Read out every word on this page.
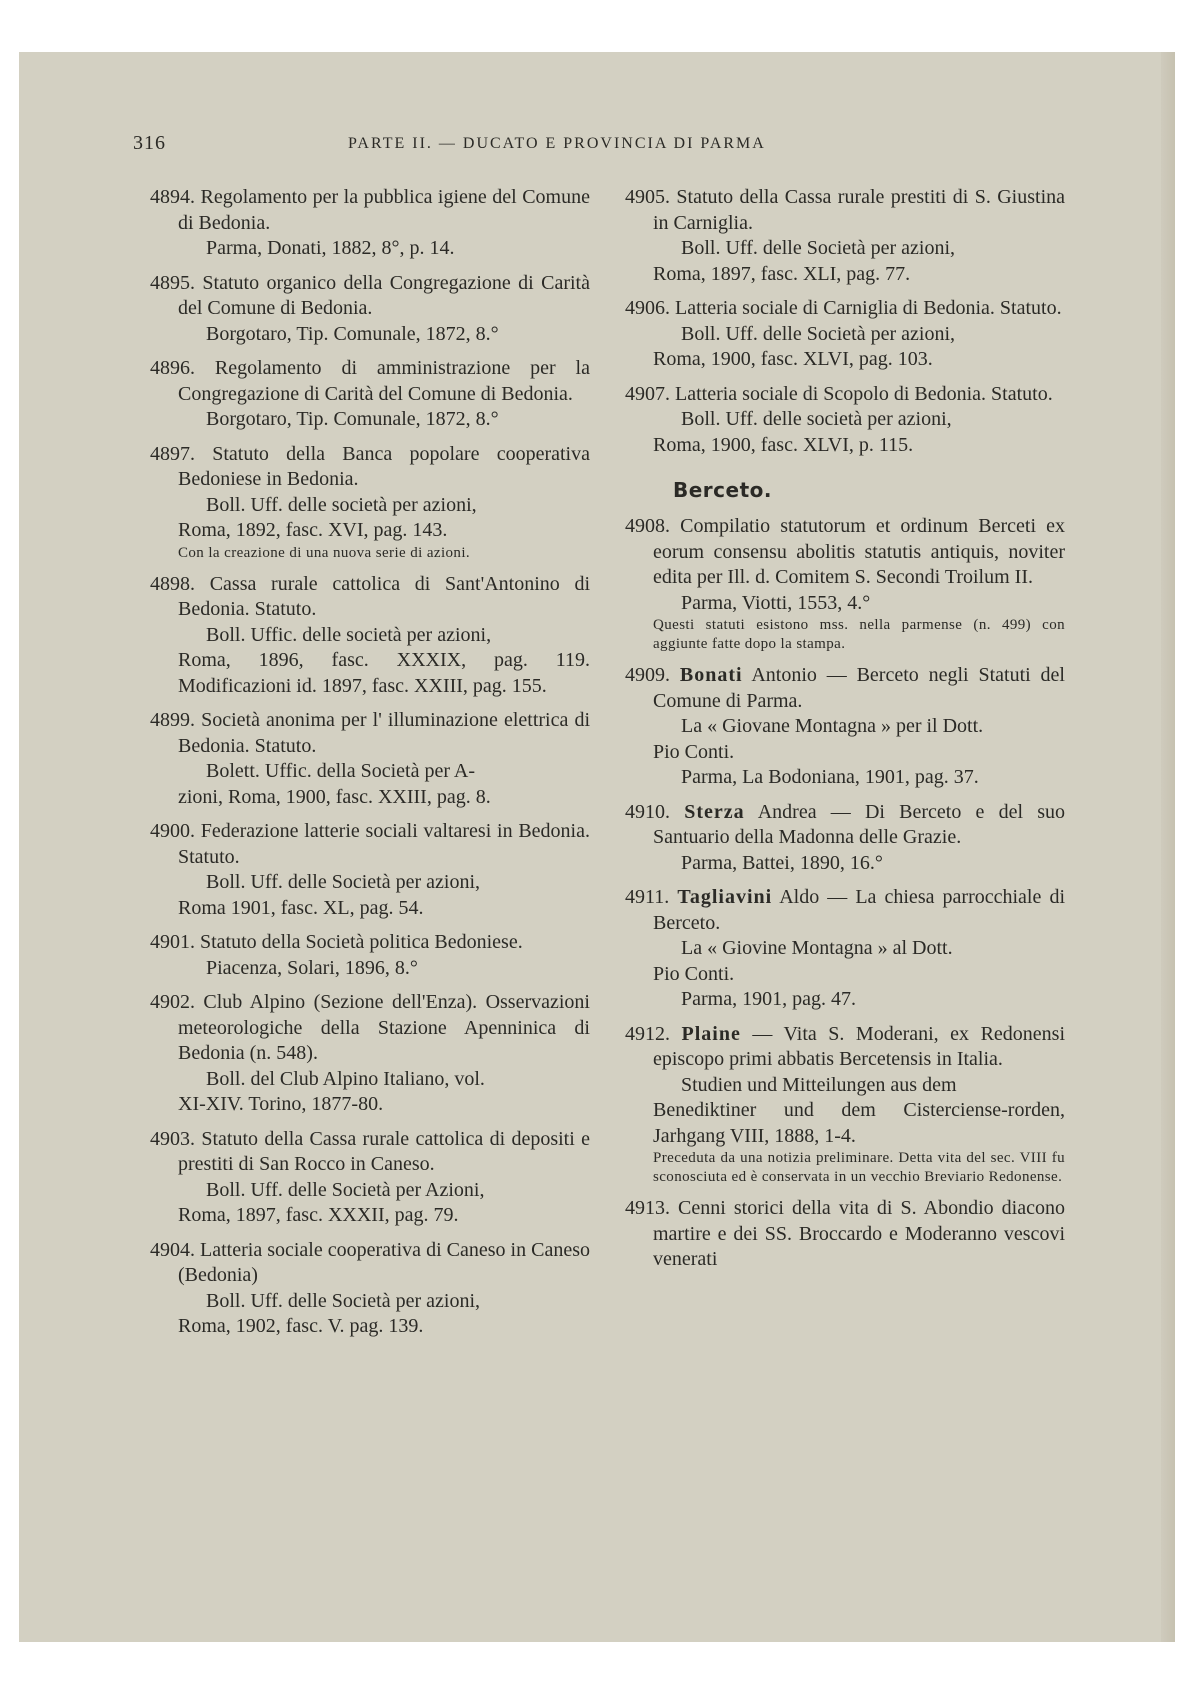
316	PARTE II. — DUCATO E PROVINCIA DI PARMA

4894. Regolamento per la pubblica igiene del Comune di Bedonia.

Parma, Donati, 1882, 8°, p. 14.

4895. Statuto organico della Congregazione di Carità del Comune di Bedonia.

Borgotaro, Tip. Comunale, 1872, 8.°

4896. Regolamento di amministrazione per la Congregazione di Carità del Comune di Bedonia.

Borgotaro, Tip. Comunale, 1872, 8.°

4897. Statuto della Banca popolare cooperativa Bedoniese in Bedonia.

Boll. Uff. delle società per azioni,

Roma, 1892, fasc. XVI, pag. 143.

Con la creazione di una nuova serie di azioni.

4898. Cassa rurale cattolica di Sant'Antonino di Bedonia. Statuto.

Boll. Uffic. delle società per azioni,

Roma, 1896, fasc. XXXIX, pag. 119. Modificazioni id. 1897, fasc. XXIII, pag. 155.

4899. Società anonima per l' illuminazione elettrica di Bedonia. Statuto.

Bolett. Uffic. della Società per A-

zioni, Roma, 1900, fasc. XXIII, pag. 8.

4900. Federazione latterie sociali valtaresi in Bedonia. Statuto.

Boll. Uff. delle Società per azioni,

Roma 1901, fasc. XL, pag. 54.

4901. Statuto della Società politica Bedoniese.

Piacenza, Solari, 1896, 8.°

4902. Club Alpino (Sezione dell'Enza). Osservazioni meteorologiche della Stazione Apenninica di Bedonia (n. 548).

Boll. del Club Alpino Italiano, vol.

XI-XIV. Torino, 1877-80.

4903. Statuto della Cassa rurale cattolica di depositi e prestiti di San Rocco in Caneso.

Boll. Uff. delle Società per Azioni,

Roma, 1897, fasc. XXXII, pag. 79.

4904. Latteria sociale cooperativa di Caneso in Caneso (Bedonia)

Boll. Uff. delle Società per azioni,

Roma, 1902, fasc. V. pag. 139.

4905. Statuto della Cassa rurale prestiti di S. Giustina in Carniglia.

Boll. Uff. delle Società per azioni,

Roma, 1897, fasc. XLI, pag. 77.

4906. Latteria sociale di Carniglia di Bedonia. Statuto.

Boll. Uff. delle Società per azioni,

Roma, 1900, fasc. XLVI, pag. 103.

4907. Latteria sociale di Scopolo di Bedonia. Statuto.

Boll. Uff. delle società per azioni,

Roma, 1900, fasc. XLVI, p. 115.

Berceto.

4908. Compilatio statutorum et ordinum Berceti ex eorum consensu abolitis statutis antiquis, noviter edita per Ill. d. Comitem S. Secondi Troilum II.

Parma, Viotti, 1553, 4.°

Questi statuti esistono mss. nella parmense (n. 499) con aggiunte fatte dopo la stampa.

4909. Bonati Antonio — Berceto negli Statuti del Comune di Parma.

La « Giovane Montagna » per il Dott.

Pio Conti.

Parma, La Bodoniana, 1901, pag. 37.

4910. Sterza Andrea — Di Berceto e del suo Santuario della Madonna delle Grazie.

Parma, Battei, 1890, 16.°

4911. Tagliavini Aldo — La chiesa parrocchiale di Berceto.

La « Giovine Montagna » al Dott.

Pio Conti.

Parma, 1901, pag. 47.

4912. Plaine — Vita S. Moderani, ex Redonensi episcopo primi abbatis Bercetensis in Italia.

Studien und Mitteilungen aus dem

Benediktiner und dem Cisterciense-rorden, Jarhgang VIII, 1888, 1-4.

Preceduta da una notizia preliminare. Detta vita del sec. VIII fu sconosciuta ed è conservata in un vecchio Breviario Redonense.

4913. Cenni storici della vita di S. Abondio diacono martire e dei SS. Broccardo e Moderanno vescovi venerati
